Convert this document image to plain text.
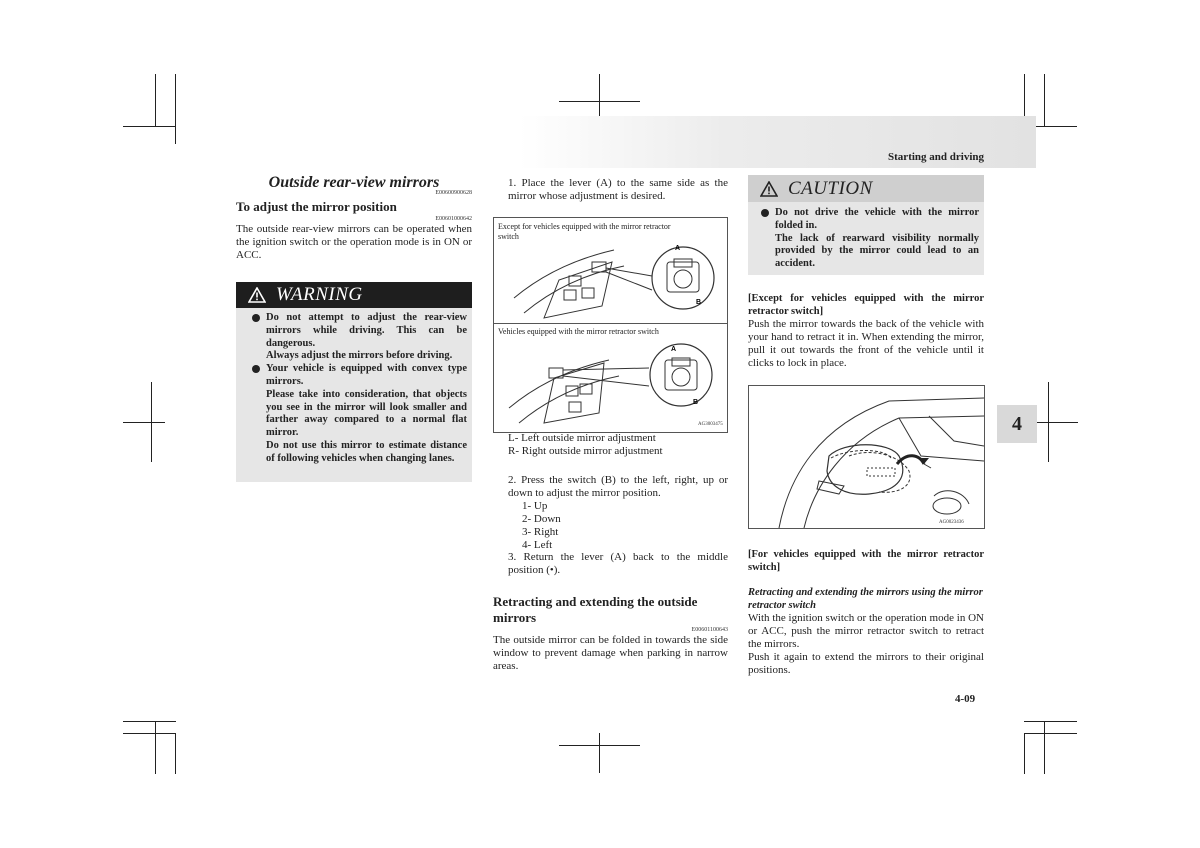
Starting and driving
4
4-09
Outside rear-view mirrors
E00600900628
To adjust the mirror position
E00601000642
The outside rear-view mirrors can be operated when the ignition switch or the operation mode is in ON or ACC.
WARNING
Do not attempt to adjust the rear-view mirrors while driving. This can be dangerous.
Always adjust the mirrors before driving.
Your vehicle is equipped with convex type mirrors.
Please take into consideration, that objects you see in the mirror will look smaller and farther away compared to a normal flat mirror.
Do not use this mirror to estimate distance of following vehicles when changing lanes.
1. Place the lever (A) to the same side as the mirror whose adjustment is desired.
Except for vehicles equipped with the mirror retractor switch
Vehicles equipped with the mirror retractor switch
A
B
A
B
AG3003475
L- Left outside mirror adjustment
R- Right outside mirror adjustment
2. Press the switch (B) to the left, right, up or down to adjust the mirror position.
1- Up
2- Down
3- Right
4- Left
3. Return the lever (A) back to the middle position (•).
Retracting and extending the outside mirrors
E00601100643
The outside mirror can be folded in towards the side window to prevent damage when parking in narrow areas.
CAUTION
Do not drive the vehicle with the mirror folded in.
The lack of rearward visibility normally provided by the mirror could lead to an accident.
[Except for vehicles equipped with the mirror retractor switch]
Push the mirror towards the back of the vehicle with your hand to retract it in. When extending the mirror, pull it out towards the front of the vehicle until it clicks to lock in place.
AG0023436
[For vehicles equipped with the mirror retractor switch]
Retracting and extending the mirrors using the mirror retractor switch
With the ignition switch or the operation mode in ON or ACC, push the mirror retractor switch to retract the mirrors.
Push it again to extend the mirrors to their original positions.
